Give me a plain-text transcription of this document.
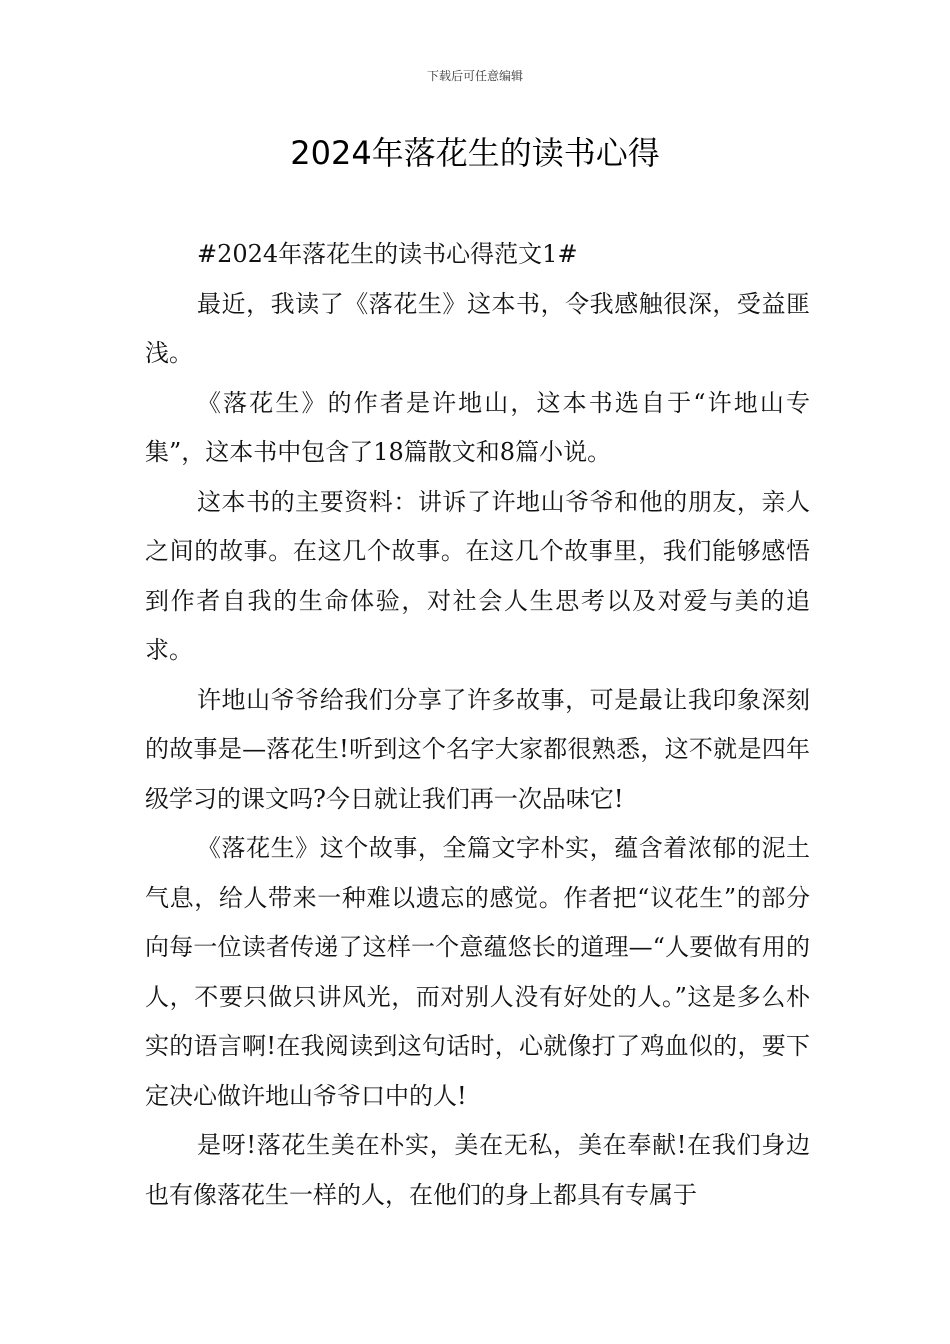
下载后可任意编辑
2024年落花生的读书心得

#2024年落花生的读书心得范文1#

最近，我读了《落花生》这本书，令我感触很深，受益匪浅。

《落花生》的作者是许地山，这本书选自于“许地山专集”，这本书中包含了18篇散文和8篇小说。

这本书的主要资料：讲诉了许地山爷爷和他的朋友，亲人之间的故事。在这几个故事。在这几个故事里，我们能够感悟到作者自我的生命体验，对社会人生思考以及对爱与美的追求。

许地山爷爷给我们分享了许多故事，可是最让我印象深刻的故事是—落花生!听到这个名字大家都很熟悉，这不就是四年级学习的课文吗?今日就让我们再一次品味它!

《落花生》这个故事，全篇文字朴实，蕴含着浓郁的泥土气息，给人带来一种难以遗忘的感觉。作者把“议花生”的部分向每一位读者传递了这样一个意蕴悠长的道理—“人要做有用的人，不要只做只讲风光，而对别人没有好处的人。”这是多么朴实的语言啊!在我阅读到这句话时，心就像打了鸡血似的，要下定决心做许地山爷爷口中的人!

是呀!落花生美在朴实，美在无私，美在奉献!在我们身边也有像落花生一样的人，在他们的身上都具有专属于
